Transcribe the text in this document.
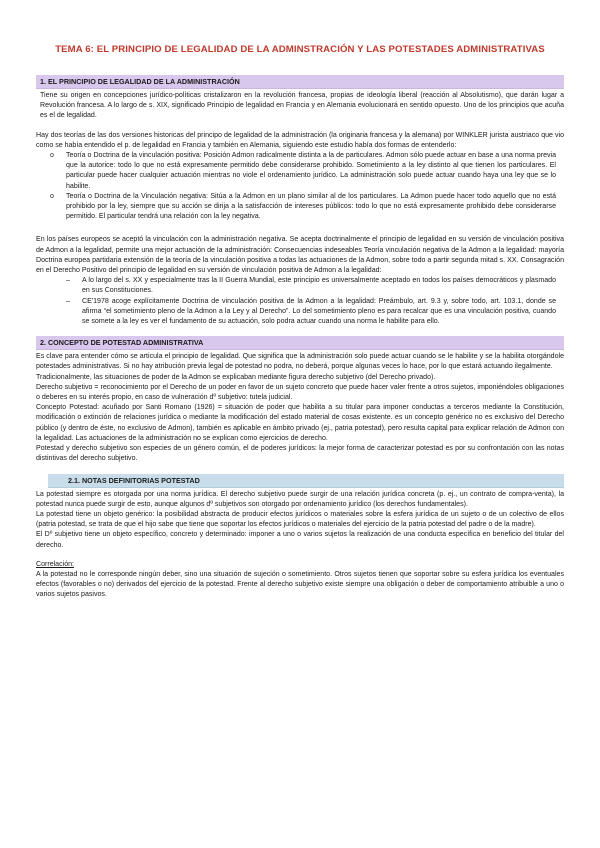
TEMA 6: EL PRINCIPIO DE LEGALIDAD DE LA ADMINSTRACIÓN Y LAS POTESTADES ADMINISTRATIVAS
1. EL PRINCIPIO DE LEGALIDAD DE LA ADMINISTRACIÓN

Tiene su origen en concepciones jurídico-políticas cristalizaron en la revolución francesa, propias de ideología liberal (reacción al Absolutismo), que darán lugar a Revolución francesa. A lo largo de s. XIX, significado Principio de legalidad en Francia y en Alemania evolucionará en sentido opuesto. Uno de los principios que acuña es el de legalidad.

Hay dos teorías de las dos versiones historicas del principo de legalidad de la administración (la originaria francesa y la alemana) por WINKLER jurista austriaco que vio como se había entendido el p. de legalidad en Francia y también en Alemania, siguiendo este estudio había dos formas de entenderlo:

o Teoría o Doctrina de la vinculación positiva: Posición Admon radicalmente distinta a la de particulares. Admon sólo puede actuar en base a una norma previa que la autorice: todo lo que no está expresamente permitido debe considerarse prohibido. Sometimiento a la ley distinto al que tienen los particulares. El particular puede hacer cualquier actuación mientras no viole el ordenamiento jurídico. La administración solo puede actuar cuando haya una ley que se lo habilite.
o Teoría o Doctrina de la Vinculación negativa: Sitúa a la Admon en un plano similar al de los particulares. La Admon puede hacer todo aquello que no está prohibido por la ley, siempre que su acción se dirija a la satisfacción de intereses públicos: todo lo que no está expresamente prohibido debe considerarse permitido. El particular tendrá una relación con la ley negativa.

En los países europeos se aceptó la vinculación con la administración negativa. Se acepta doctrinalmente el principio de legalidad en su versión de vinculación positiva de Admon a la legalidad, permite una mejor actuación de la administración: Consecuencias indeseables Teoría vinculación negativa de la Admon a la legalidad: mayoría Doctrina europea partidaria extensión de la teoría de la vinculación positiva a todas las actuaciones de la Admon, sobre todo a partir segunda mitad s. XX. Consagración en el Derecho Positivo del principio de legalidad en su versión de vinculación positiva de Admon a la legalidad:

– A lo largo del s. XX y especialmente tras la II Guerra Mundial, este principio es universalmente aceptado en todos los países democráticos y plasmado en sus Constituciones.
– CE'1978 acoge explícitamente Doctrina de vinculación positiva de la Admon a la legalidad: Preámbulo, art. 9.3 y, sobre todo, art. 103.1, donde se afirma “el sometimiento pleno de la Admon a la Ley y al Derecho”. Lo del sometimiento pleno es para recalcar que es una vinculación positiva, cuando se somete a la ley es ver el fundamento de su actuación, solo podra actuar cuando una norma le habilite para ello.
2. CONCEPTO DE POTESTAD ADMINISTRATIVA

Es clave para entender cómo se articula el principio de legalidad. Que significa que la administración solo puede actuar cuando se le habilite y se la habilita otorgándole potestades administrativas. Si no hay atribución previa legal de potestad no podra, no deberá, porque algunas veces lo hace, por lo que estará actuando ilegalmente.

Tradicionalmente, las situaciones de poder de la Admon se explicaban mediante figura derecho subjetivo (del Derecho privado).

Derecho subjetivo = reconocimiento por el Derecho de un poder en favor de un sujeto concreto que puede hacer valer frente a otros sujetos, imponiéndoles obligaciones o deberes en su interés propio, en caso de vulneración dº subjetivo: tutela judicial.

Concepto Potestad: acuñado por Santi Romano (1926) = situación de poder que habilita a su titular para imponer conductas a terceros mediante la Constitución, modificación o extinción de relaciones jurídica o mediante la modificación del estado material de cosas existente. es un concepto genérico no es exclusivo del Derecho público (y dentro de éste, no exclusivo de Admon), también es aplicable en ámbito privado (ej., patria potestad), pero resulta capital para explicar relación de Admon con la legalidad. Las actuaciones de la administración no se explican como ejercicios de derecho.

Potestad y derecho subjetivo son especies de un género común, el de poderes jurídicos: la mejor forma de caracterizar potestad es por su confrontación con las notas distintivas del derecho subjetivo.

2.1. NOTAS DEFINITORIAS POTESTAD

La potestad siempre es otorgada por una norma jurídica. El derecho subjetivo puede surgir de una relación jurídica concreta (p. ej., un contrato de compra-venta), la potestad nunca puede surgir de esto, aunque algunos dº subjetivos son otorgado por ordenamiento jurídico (los derechos fundamentales).

La potestad tiene un objeto genérico: la posibilidad abstracta de producir efectos jurídicos o materiales sobre la esfera jurídica de un sujeto o de un colectivo de ellos (patria potestad, se trata de que el hijo sabe que tiene que soportar los efectos jurídicos o materiales del ejercicio de la patria potestad del padre o de la madre).

El Dº subjetivo tiene un objeto específico, concreto y determinado: imponer a uno o varios sujetos la realización de una conducta específica en beneficio del titular del derecho.

Correlación:

A la potestad no le corresponde ningún deber, sino una situación de sujeción o sometimiento. Otros sujetos tienen que soportar sobre su esfera jurídica los eventuales efectos (favorables o no) derivados del ejercicio de la potestad. Frente al derecho subjetivo existe siempre una obligación o deber de comportamiento atribuible a uno o varios sujetos pasivos.
